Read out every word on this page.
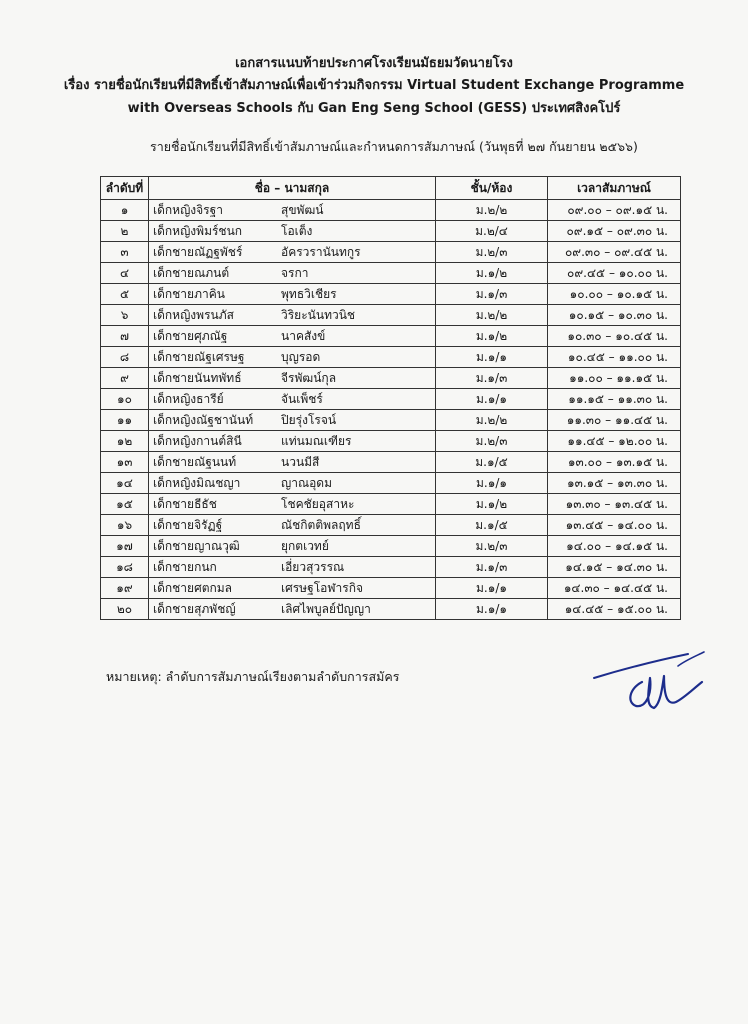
เอกสารแนบท้ายประกาศโรงเรียนมัธยมวัดนายโรง
เรื่อง รายชื่อนักเรียนที่มีสิทธิ์เข้าสัมภาษณ์เพื่อเข้าร่วมกิจกรรม Virtual Student Exchange Programme
with Overseas Schools กับ Gan Eng Seng School (GESS) ประเทศสิงคโปร์
รายชื่อนักเรียนที่มีสิทธิ์เข้าสัมภาษณ์และกำหนดการสัมภาษณ์ (วันพุธที่ ๒๗ กันยายน ๒๕๖๖)
ลำดับที่	ชื่อ – นามสกุล	ชั้น/ห้อง	เวลาสัมภาษณ์
๑	เด็กหญิงจิรฐา สุขพัฒน์	ม.๒/๒	๐๙.๐๐ – ๐๙.๑๕ น.
๒	เด็กหญิงพิมร์ชนก โอเต็ง	ม.๒/๔	๐๙.๑๕ – ๐๙.๓๐ น.
๓	เด็กชายณัฏฐพัชร์ อัครวรานันทกูร	ม.๒/๓	๐๙.๓๐ – ๐๙.๔๕ น.
๔	เด็กชายณภนต์ จรกา	ม.๑/๒	๐๙.๔๕ – ๑๐.๐๐ น.
๕	เด็กชายภาคิน พุทธวิเชียร	ม.๑/๓	๑๐.๐๐ – ๑๐.๑๕ น.
๖	เด็กหญิงพรนภัส วิริยะนันทวนิช	ม.๒/๒	๑๐.๑๕ – ๑๐.๓๐ น.
๗	เด็กชายศุภณัฐ นาคสังข์	ม.๑/๒	๑๐.๓๐ – ๑๐.๔๕ น.
๘	เด็กชายณัฐเศรษฐ บุญรอด	ม.๑/๑	๑๐.๔๕ – ๑๑.๐๐ น.
๙	เด็กชายนันทพัทธ์ จีรพัฒน์กุล	ม.๑/๓	๑๑.๐๐ – ๑๑.๑๕ น.
๑๐	เด็กหญิงธารีย์ จันเพ็ชร์	ม.๑/๑	๑๑.๑๕ – ๑๑.๓๐ น.
๑๑	เด็กหญิงณัฐชานันท์ ปิยรุ่งโรจน์	ม.๒/๒	๑๑.๓๐ – ๑๑.๔๕ น.
๑๒	เด็กหญิงกานต์สินี แท่นมณเฑียร	ม.๒/๓	๑๑.๔๕ – ๑๒.๐๐ น.
๑๓	เด็กชายณัฐนนท์ นวนมีสี	ม.๑/๕	๑๓.๐๐ – ๑๓.๑๕ น.
๑๔	เด็กหญิงมิณชญา ญาณอุดม	ม.๑/๑	๑๓.๑๕ – ๑๓.๓๐ น.
๑๕	เด็กชายธีธัช โชคชัยอุสาหะ	ม.๑/๒	๑๓.๓๐ – ๑๓.๔๕ น.
๑๖	เด็กชายจิรัฏฐ์ ณัชกิตติพลฤทธิ์	ม.๑/๕	๑๓.๔๕ – ๑๔.๐๐ น.
๑๗	เด็กชายญาณวุฒิ ยุกตเวทย์	ม.๒/๓	๑๔.๐๐ – ๑๔.๑๕ น.
๑๘	เด็กชายกนก เอี่ยวสุวรรณ	ม.๑/๓	๑๔.๑๕ – ๑๔.๓๐ น.
๑๙	เด็กชายศตกมล เศรษฐโอฬารกิจ	ม.๑/๑	๑๔.๓๐ – ๑๔.๔๕ น.
๒๐	เด็กชายสุภพัชญ์ เลิศไพบูลย์ปัญญา	ม.๑/๑	๑๔.๔๕ – ๑๕.๐๐ น.
หมายเหตุ: ลำดับการสัมภาษณ์เรียงตามลำดับการสมัคร
